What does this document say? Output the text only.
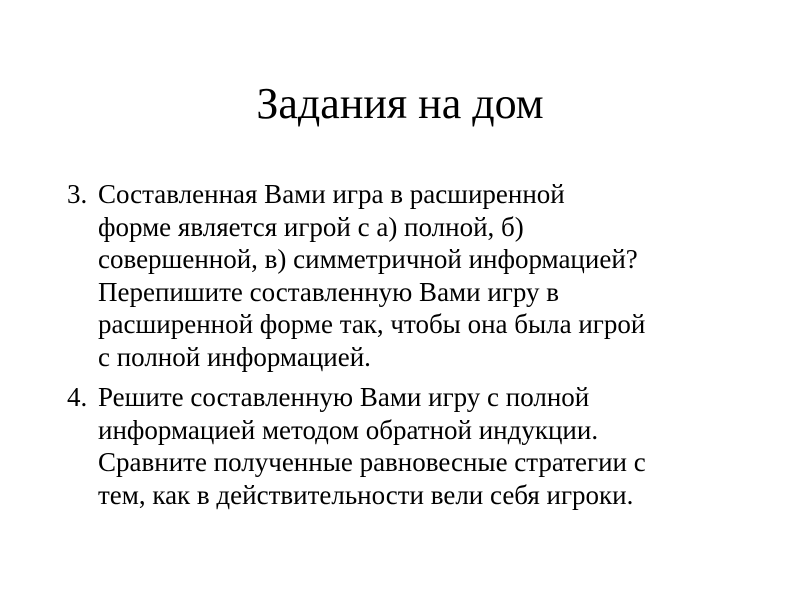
Задания на дом
3. Составленная Вами игра в расширенной
форме является игрой с а) полной, б)
совершенной, в) симметричной информацией?
Перепишите составленную Вами игру в
расширенной форме так, чтобы она была игрой
с полной информацией.
4. Решите составленную Вами игру с полной
информацией методом обратной индукции.
Сравните полученные равновесные стратегии с
тем, как в действительности вели себя игроки.
